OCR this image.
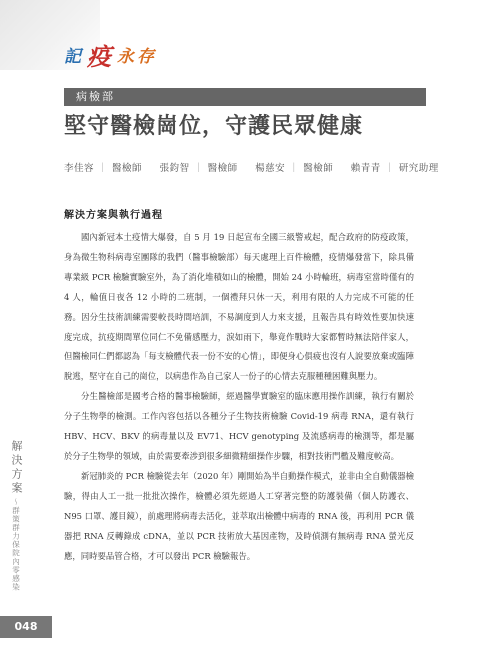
記 疫 永存
病檢部
堅守醫檢崗位，守護民眾健康
李佳容 ｜ 醫檢師 張鈞智 ｜ 醫檢師 楊慈安 ｜ 醫檢師 賴青青 ｜ 研究助理
解決方案與執行過程

國內新冠本土疫情大爆發，自 5 月 19 日起宣布全國三級警戒起，配合政府的防疫政策，身為微生物科病毒室團隊的我們（醫事檢驗部）每天處理上百件檢體，疫情爆發當下，除具備專業級 PCR 檢驗實驗室外，為了消化堆積如山的檢體，開始 24 小時輪班，病毒室當時僅有的 4 人，輪值日夜各 12 小時的二班制，一個禮拜只休一天，利用有限的人力完成不可能的任務。因分生技術訓練需要較長時間培訓，不易調度到人力來支援，且報告具有時效性要加快速度完成，抗疫期間單位同仁不免備感壓力，淚如雨下，舉竟作戰時大家都暫時無法陪伴家人，但醫檢同仁們都認為「每支檢體代表一份不安的心情」，即便身心俱疲也沒有人說要放棄或臨陣脫逃，堅守在自己的崗位，以病患作為自己家人一份子的心情去克服種種困難與壓力。

分生醫檢部是國考合格的醫事檢驗師，經過醫學實驗室的臨床應用操作訓練，執行有關於分子生物學的檢測。工作內容包括以各種分子生物技術檢驗 Covid-19 病毒 RNA，還有執行 HBV、HCV、BKV 的病毒量以及 EV71、HCV genotyping 及流感病毒的檢測等，都是屬於分子生物學的領域，由於需要牽涉到很多細微精細操作步驟，相對技術門檻及難度較高。

新冠肺炎的 PCR 檢驗從去年（2020 年）剛開始為半自動操作模式，並非由全自動儀器檢驗，得由人工一批一批批次操作，檢體必須先經過人工穿著完整的防護裝備（個人防護衣、N95 口罩、護目鏡），前處理將病毒去活化，並萃取出檢體中病毒的 RNA 後，再利用 PCR 儀器把 RNA 反轉錄成 cDNA，並以 PCR 技術放大基因產物，及時偵測有無病毒 RNA 螢光反應，同時要品管合格，才可以發出 PCR 檢驗報告。

解決方案
〜群策群力保院內零感染
048
